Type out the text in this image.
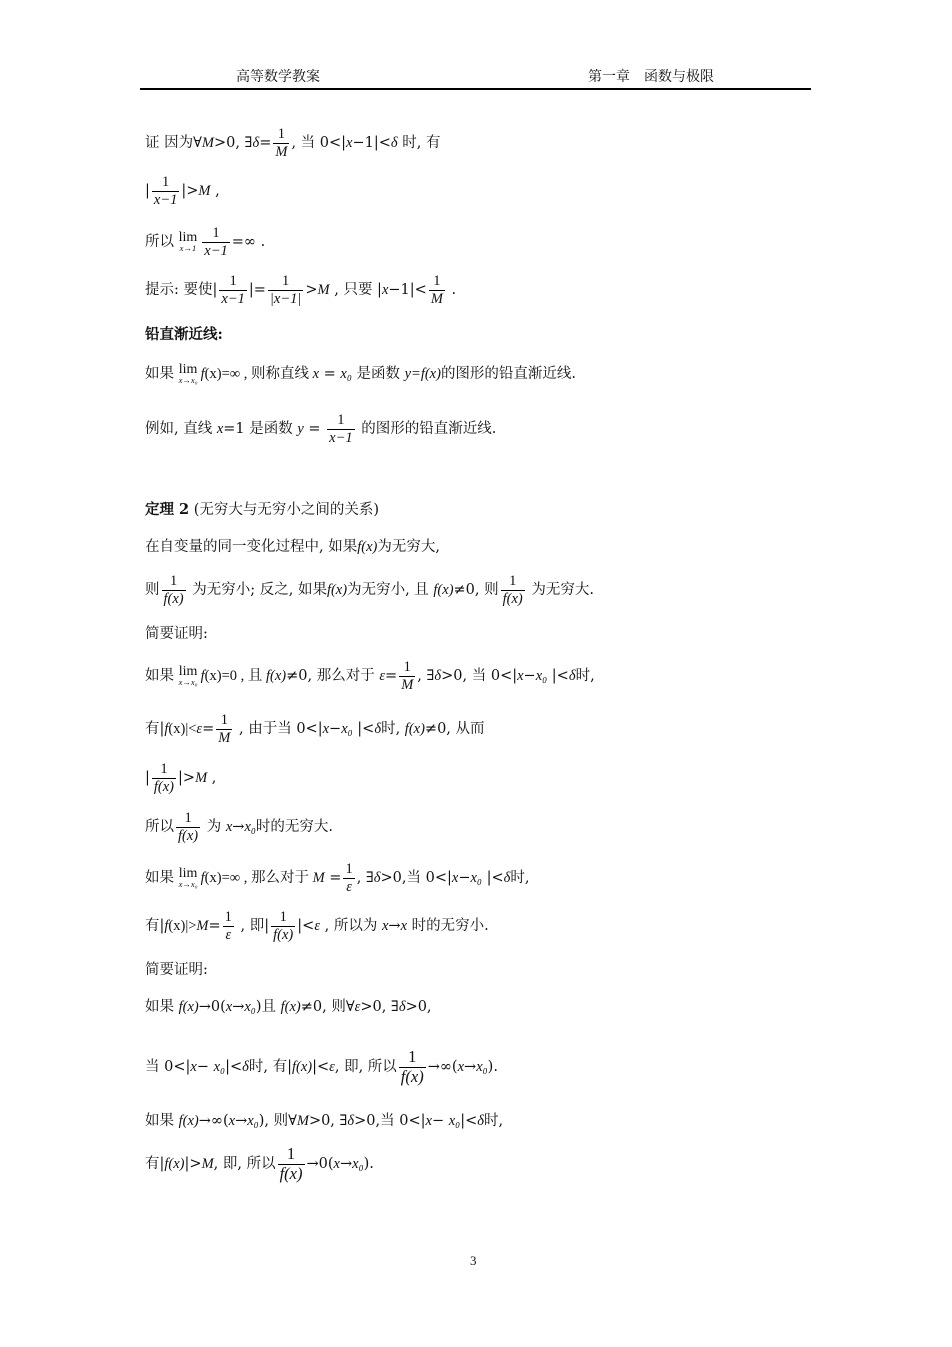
高等数学教案	第一章　函数与极限
证 因为∀M>0, ∃δ= $\frac{1}{M}$ , 当 0<|x−1|<δ 时, 有
| $\frac{1}{x-1} |>M$ ,
所以 lim
$x\to 1 \frac{1}{x-1}$ =∞ .
提示: 要使| $\frac{1}{x-1}$ |= $\frac{1}{|x-1|} >M$ , 只要 $|x-1|< \frac{1}{M}$ .
铅直渐近线:
如果 lim
x→x₀ f(x)=∞ , 则称直线 x = x₀ 是函数 y=f(x)的图形的铅直渐近线.
例如, 直线 x=1 是函数 $y = \frac{1}{x-1}$ 的图形的铅直渐近线.
定理 2 (无穷大与无穷小之间的关系)
在自变量的同一变化过程中, 如果f(x)为无穷大,
则 $\frac{1}{f(x)}$ 为无穷小; 反之, 如果f(x)为无穷小, 且 f(x)≠0, 则 $\frac{1}{f(x)}$ 为无穷大.
简要证明:
如果 lim
x→x₀ f(x)=0 , 且 f(x)≠0, 那么对于 $\varepsilon= \frac{1}{M}$ , ∃δ>0, 当 0<|x−x₀ |<δ时,
有$|f(x)|<\varepsilon= \frac{1}{M}$ , 由于当 0<|x−x₀ |<δ时, f(x)≠0, 从而
| $\frac{1}{f(x)} |>M$ ,
所以 $\frac{1}{f(x)}$ 为 x→x₀时的无穷大.
如果 lim
x→x₀ f(x)=∞ , 那么对于 $M = \frac{1}{\varepsilon}$ , ∃δ>0,当 0<|x−x₀ |<δ时,
有$|f(x)|>M= \frac{1}{\varepsilon}$ , 即| $\frac{1}{f(x)} |<\varepsilon$ , 所以为 x→x 时的无穷小.
简要证明:
如果 f(x)→0(x→x₀)且 f(x)≠0, 则∀ε>0, ∃δ>0,
当 0<|x− x₀|<δ时, 有|f(x)|<ε, 即, 所以 $\frac{1}{f(x)} \to\infty(x\to x_0)$.
如果 f(x)→∞(x→x₀), 则∀M>0, ∃δ>0,当 0<|x− x₀|<δ时,
有|f(x)|>M, 即, 所以 $\frac{1}{f(x)} \to 0(x\to x_0)$.
3
